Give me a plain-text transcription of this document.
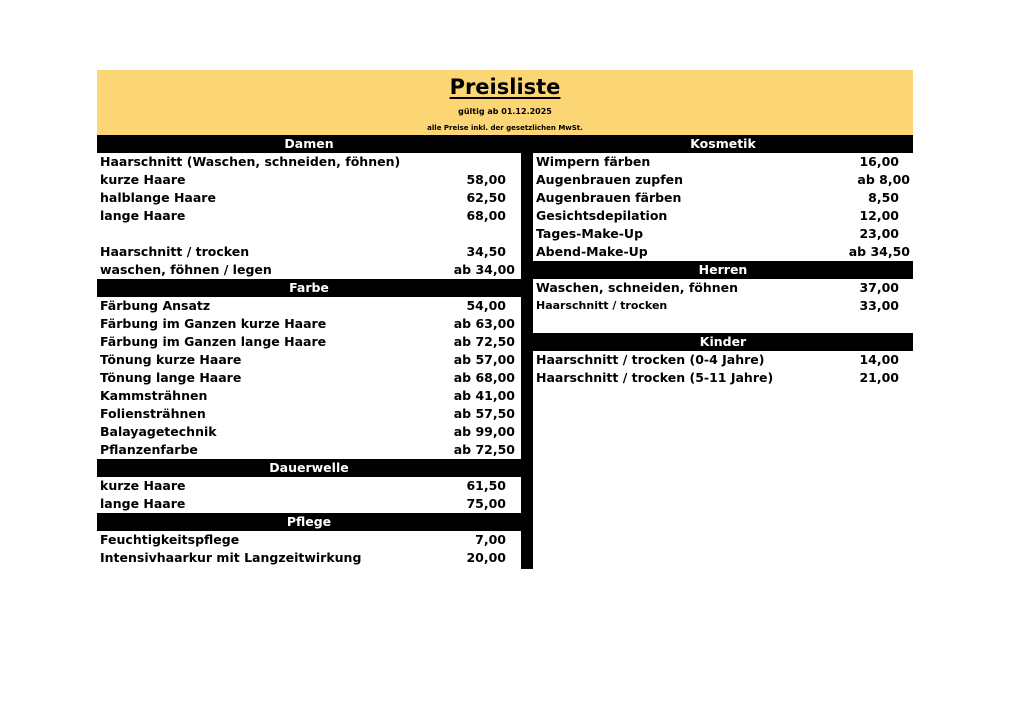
Preisliste
gültig ab 01.12.2025
alle Preise inkl. der gesetzlichen MwSt.
Damen
Haarschnitt (Waschen, schneiden, föhnen)
kurze Haare	58,00
halblange Haare	62,50
lange Haare	68,00
Haarschnitt / trocken	34,50
waschen, föhnen / legen	ab 34,00
Farbe
Färbung Ansatz	54,00
Färbung im Ganzen kurze Haare	ab 63,00
Färbung im Ganzen lange Haare	ab 72,50
Tönung kurze Haare	ab 57,00
Tönung lange Haare	ab 68,00
Kammsträhnen	ab 41,00
Foliensträhnen	ab 57,50
Balayagetechnik	ab 99,00
Pflanzenfarbe	ab 72,50
Dauerwelle
kurze Haare	61,50
lange Haare	75,00
Pflege
Feuchtigkeitspflege	7,00
Intensivhaarkur mit Langzeitwirkung	20,00
Kosmetik
Wimpern färben	16,00
Augenbrauen zupfen	ab 8,00
Augenbrauen färben	8,50
Gesichtsdepilation	12,00
Tages-Make-Up	23,00
Abend-Make-Up	ab 34,50
Herren
Waschen, schneiden, föhnen	37,00
Haarschnitt / trocken	33,00
Kinder
Haarschnitt / trocken (0-4 Jahre)	14,00
Haarschnitt / trocken (5-11 Jahre)	21,00
